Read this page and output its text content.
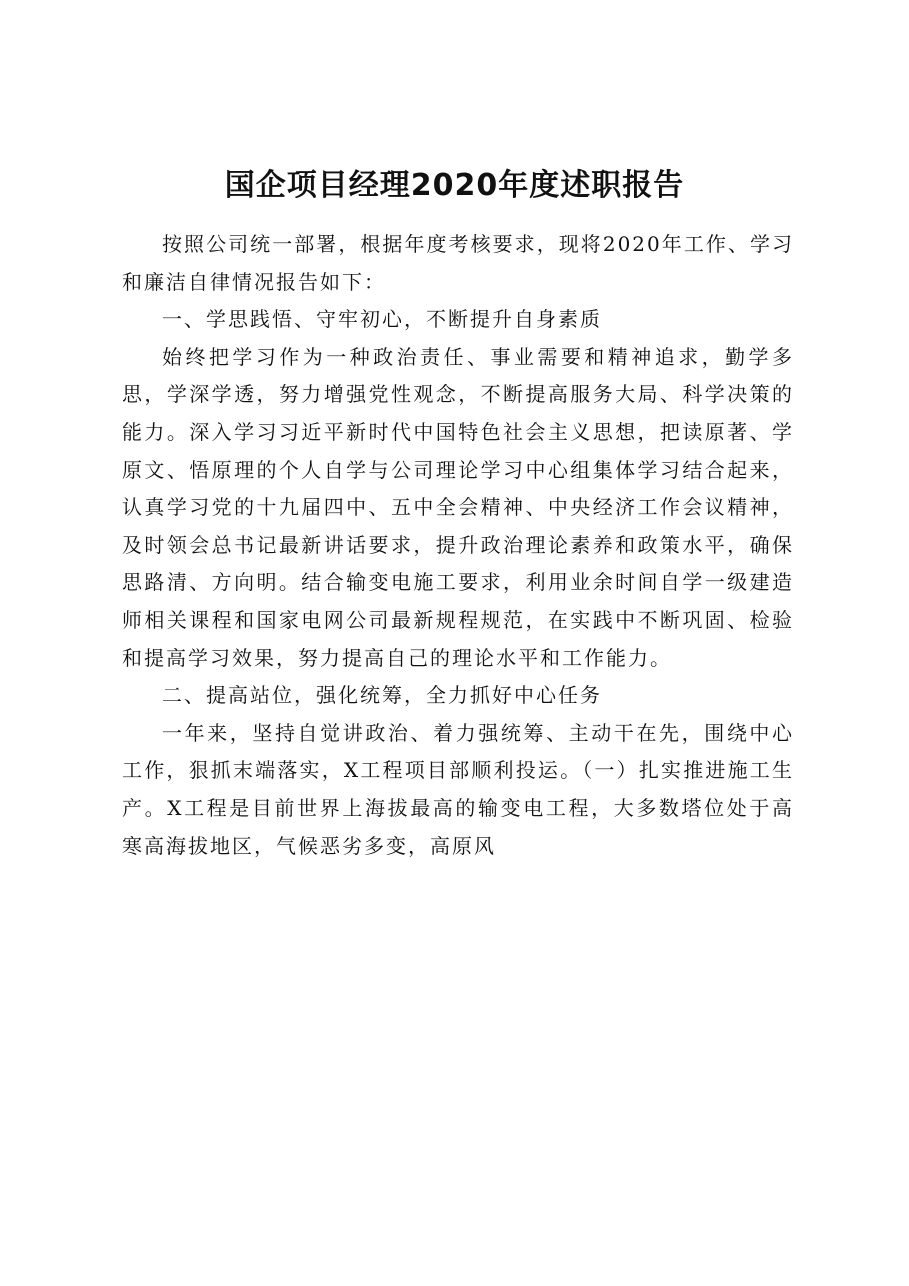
国企项目经理2020年度述职报告

按照公司统一部署，根据年度考核要求，现将2020年工作、学习和廉洁自律情况报告如下：

一、学思践悟、守牢初心，不断提升自身素质

始终把学习作为一种政治责任、事业需要和精神追求，勤学多思，学深学透，努力增强党性观念，不断提高服务大局、科学决策的能力。深入学习习近平新时代中国特色社会主义思想，把读原著、学原文、悟原理的个人自学与公司理论学习中心组集体学习结合起来，认真学习党的十九届四中、五中全会精神、中央经济工作会议精神，及时领会总书记最新讲话要求，提升政治理论素养和政策水平，确保思路清、方向明。结合输变电施工要求，利用业余时间自学一级建造师相关课程和国家电网公司最新规程规范，在实践中不断巩固、检验和提高学习效果，努力提高自己的理论水平和工作能力。

二、提高站位，强化统筹，全力抓好中心任务

一年来，坚持自觉讲政治、着力强统筹、主动干在先，围绕中心工作，狠抓末端落实，X工程项目部顺利投运。（一）扎实推进施工生产。X工程是目前世界上海拔最高的输变电工程，大多数塔位处于高寒高海拔地区，气候恶劣多变，高原风
